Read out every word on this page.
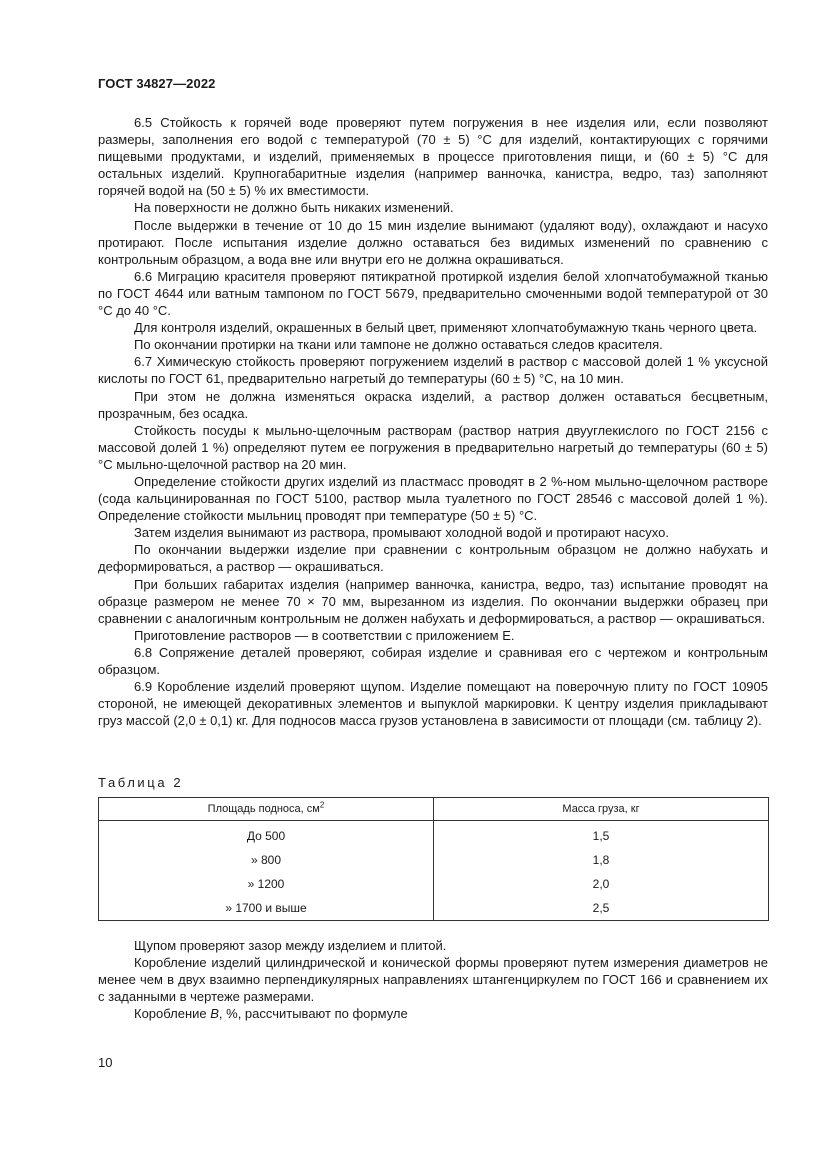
ГОСТ 34827—2022

6.5 Стойкость к горячей воде проверяют путем погружения в нее изделия или, если позволяют размеры, заполнения его водой с температурой (70 ± 5) °С для изделий, контактирующих с горячими пищевыми продуктами, и изделий, применяемых в процессе приготовления пищи, и (60 ± 5) °С для остальных изделий. Крупногабаритные изделия (например ванночка, канистра, ведро, таз) заполняют горячей водой на (50 ± 5) % их вместимости.

На поверхности не должно быть никаких изменений.

После выдержки в течение от 10 до 15 мин изделие вынимают (удаляют воду), охлаждают и насухо протирают. После испытания изделие должно оставаться без видимых изменений по сравнению с контрольным образцом, а вода вне или внутри его не должна окрашиваться.

6.6 Миграцию красителя проверяют пятикратной протиркой изделия белой хлопчатобумажной тканью по ГОСТ 4644 или ватным тампоном по ГОСТ 5679, предварительно смоченными водой температурой от 30 °С до 40 °С.

Для контроля изделий, окрашенных в белый цвет, применяют хлопчатобумажную ткань черного цвета.

По окончании протирки на ткани или тампоне не должно оставаться следов красителя.

6.7 Химическую стойкость проверяют погружением изделий в раствор с массовой долей 1 % уксусной кислоты по ГОСТ 61, предварительно нагретый до температуры (60 ± 5) °С, на 10 мин.

При этом не должна изменяться окраска изделий, а раствор должен оставаться бесцветным, прозрачным, без осадка.

Стойкость посуды к мыльно-щелочным растворам (раствор натрия двууглекислого по ГОСТ 2156 с массовой долей 1 %) определяют путем ее погружения в предварительно нагретый до температуры (60 ± 5) °С мыльно-щелочной раствор на 20 мин.

Определение стойкости других изделий из пластмасс проводят в 2 %-ном мыльно-щелочном растворе (сода кальцинированная по ГОСТ 5100, раствор мыла туалетного по ГОСТ 28546 с массовой долей 1 %). Определение стойкости мыльниц проводят при температуре (50 ± 5) °С.

Затем изделия вынимают из раствора, промывают холодной водой и протирают насухо.

По окончании выдержки изделие при сравнении с контрольным образцом не должно набухать и деформироваться, а раствор — окрашиваться.

При больших габаритах изделия (например ванночка, канистра, ведро, таз) испытание проводят на образце размером не менее 70 × 70 мм, вырезанном из изделия. По окончании выдержки образец при сравнении с аналогичным контрольным не должен набухать и деформироваться, а раствор — окрашиваться.

Приготовление растворов — в соответствии с приложением Е.

6.8 Сопряжение деталей проверяют, собирая изделие и сравнивая его с чертежом и контрольным образцом.

6.9 Коробление изделий проверяют щупом. Изделие помещают на поверочную плиту по ГОСТ 10905 стороной, не имеющей декоративных элементов и выпуклой маркировки. К центру изделия прикладывают груз массой (2,0 ± 0,1) кг. Для подносов масса грузов установлена в зависимости от площади (см. таблицу 2).

Таблица 2
Площадь подноса, $см^2$	Масса груза, кг
До 500	1,5
» 800	1,8
» 1200	2,0
» 1700 и выше	2,5

Щупом проверяют зазор между изделием и плитой.

Коробление изделий цилиндрической и конической формы проверяют путем измерения диаметров не менее чем в двух взаимно перпендикулярных направлениях штангенциркулем по ГОСТ 166 и сравнением их с заданными в чертеже размерами.

Коробление В, %, рассчитывают по формуле

10
